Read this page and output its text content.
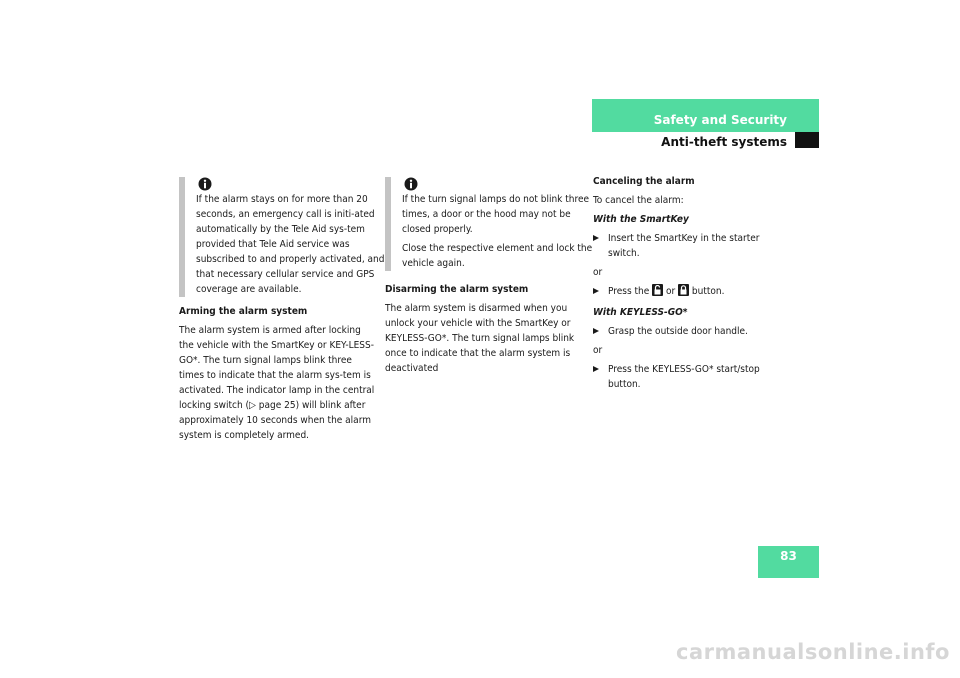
Safety and Security
Anti-theft systems

If the alarm stays on for more than 20 seconds, an emergency call is initi-ated automatically by the Tele Aid sys-tem provided that Tele Aid service was subscribed to and properly activated, and that necessary cellular service and GPS coverage are available.

Arming the alarm system

The alarm system is armed after locking the vehicle with the SmartKey or KEY-LESS-GO*. The turn signal lamps blink three times to indicate that the alarm sys-tem is activated. The indicator lamp in the central locking switch (▷ page 25) will blink after approximately 10 seconds when the alarm system is completely armed.

If the turn signal lamps do not blink three times, a door or the hood may not be closed properly.

Close the respective element and lock the vehicle again.

Disarming the alarm system

The alarm system is disarmed when you unlock your vehicle with the SmartKey or KEYLESS-GO*. The turn signal lamps blink once to indicate that the alarm system is deactivated

Canceling the alarm

To cancel the alarm:

With the SmartKey

Insert the SmartKey in the starter switch.

or

Press the or button.

With KEYLESS-GO*

Grasp the outside door handle.

or

Press the KEYLESS-GO* start/stop button.

83
carmanualsonline.info
